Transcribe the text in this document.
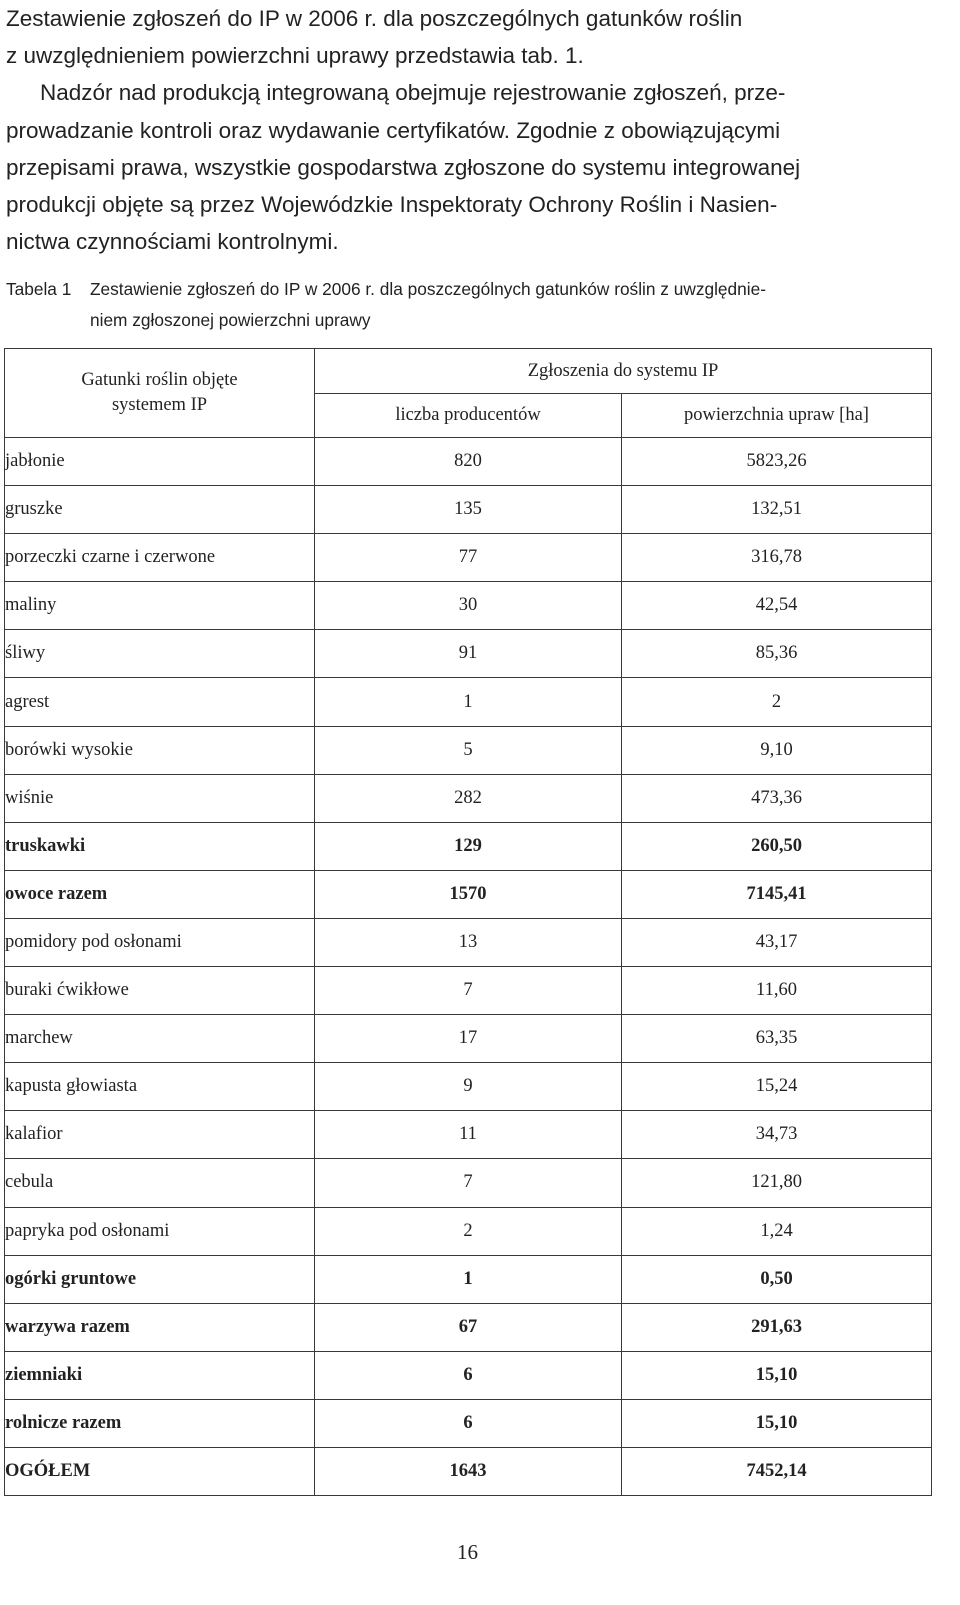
Zestawienie zgłoszeń do IP w 2006 r. dla poszczególnych gatunków roślin
z uwzględnieniem powierzchni uprawy przedstawia tab. 1.
Nadzór nad produkcją integrowaną obejmuje rejestrowanie zgłoszeń, prze-
prowadzanie kontroli oraz wydawanie certyfikatów. Zgodnie z obowiązującymi
przepisami prawa, wszystkie gospodarstwa zgłoszone do systemu integrowanej
produkcji objęte są przez Wojewódzkie Inspektoraty Ochrony Roślin i Nasien-
nictwa czynnościami kontrolnymi.
Tabela 1 Zestawienie zgłoszeń do IP w 2006 r. dla poszczególnych gatunków roślin z uwzględnie-
niem zgłoszonej powierzchni uprawy
Gatunki roślin objęte
systemem IP	Zgłoszenia do systemu IP	
	liczba producentów	powierzchnia upraw [ha]
jabłonie	820	5823,26
gruszke	135	132,51
porzeczki czarne i czerwone	77	316,78
maliny	30	42,54
śliwy	91	85,36
agrest	1	2
borówki wysokie	5	9,10
wiśnie	282	473,36
truskawki	129	260,50
owoce razem	1570	7145,41
pomidory pod osłonami	13	43,17
buraki ćwikłowe	7	11,60
marchew	17	63,35
kapusta głowiasta	9	15,24
kalafior	11	34,73
cebula	7	121,80
papryka pod osłonami	2	1,24
ogórki gruntowe	1	0,50
warzywa razem	67	291,63
ziemniaki	6	15,10
rolnicze razem	6	15,10
OGÓŁEM	1643	7452,14
16
